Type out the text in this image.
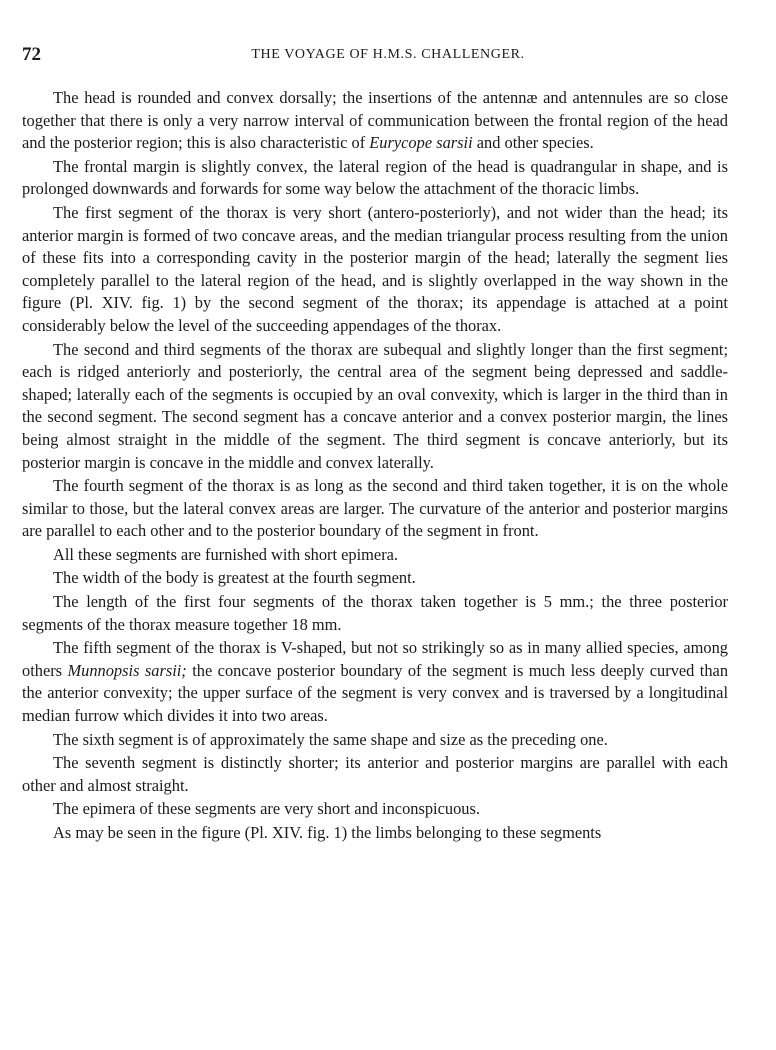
72	THE VOYAGE OF H.M.S. CHALLENGER.

The head is rounded and convex dorsally; the insertions of the antennæ and antennules are so close together that there is only a very narrow interval of communication between the frontal region of the head and the posterior region; this is also characteristic of Eurycope sarsii and other species.

The frontal margin is slightly convex, the lateral region of the head is quadrangular in shape, and is prolonged downwards and forwards for some way below the attachment of the thoracic limbs.

The first segment of the thorax is very short (antero-posteriorly), and not wider than the head; its anterior margin is formed of two concave areas, and the median triangular process resulting from the union of these fits into a corresponding cavity in the posterior margin of the head; laterally the segment lies completely parallel to the lateral region of the head, and is slightly overlapped in the way shown in the figure (Pl. XIV. fig. 1) by the second segment of the thorax; its appendage is attached at a point considerably below the level of the succeeding appendages of the thorax.

The second and third segments of the thorax are subequal and slightly longer than the first segment; each is ridged anteriorly and posteriorly, the central area of the segment being depressed and saddle-shaped; laterally each of the segments is occupied by an oval convexity, which is larger in the third than in the second segment. The second segment has a concave anterior and a convex posterior margin, the lines being almost straight in the middle of the segment. The third segment is concave anteriorly, but its posterior margin is concave in the middle and convex laterally.

The fourth segment of the thorax is as long as the second and third taken together, it is on the whole similar to those, but the lateral convex areas are larger. The curvature of the anterior and posterior margins are parallel to each other and to the posterior boundary of the segment in front.

All these segments are furnished with short epimera.

The width of the body is greatest at the fourth segment.

The length of the first four segments of the thorax taken together is 5 mm.; the three posterior segments of the thorax measure together 18 mm.

The fifth segment of the thorax is V-shaped, but not so strikingly so as in many allied species, among others Munnopsis sarsii; the concave posterior boundary of the segment is much less deeply curved than the anterior convexity; the upper surface of the segment is very convex and is traversed by a longitudinal median furrow which divides it into two areas.

The sixth segment is of approximately the same shape and size as the preceding one.

The seventh segment is distinctly shorter; its anterior and posterior margins are parallel with each other and almost straight.

The epimera of these segments are very short and inconspicuous.

As may be seen in the figure (Pl. XIV. fig. 1) the limbs belonging to these segments
